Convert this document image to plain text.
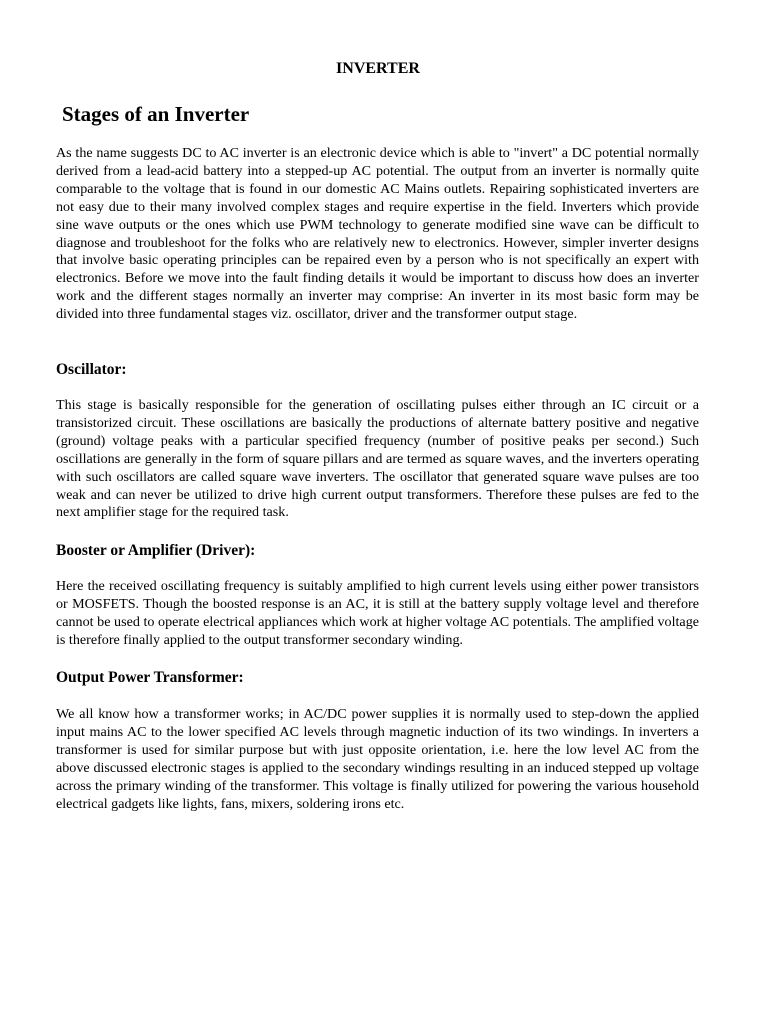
INVERTER
Stages of an Inverter

As the name suggests DC to AC inverter is an electronic device which is able to "invert" a DC potential normally derived from a lead-acid battery into a stepped-up AC potential. The output from an inverter is normally quite comparable to the voltage that is found in our domestic AC Mains outlets. Repairing sophisticated inverters are not easy due to their many involved complex stages and require expertise in the field. Inverters which provide sine wave outputs or the ones which use PWM technology to generate modified sine wave can be difficult to diagnose and troubleshoot for the folks who are relatively new to electronics. However, simpler inverter designs that involve basic operating principles can be repaired even by a person who is not specifically an expert with electronics. Before we move into the fault finding details it would be important to discuss how does an inverter work and the different stages normally an inverter may comprise: An inverter in its most basic form may be divided into three fundamental stages viz. oscillator, driver and the transformer output stage.

Oscillator:

This stage is basically responsible for the generation of oscillating pulses either through an IC circuit or a transistorized circuit. These oscillations are basically the productions of alternate battery positive and negative (ground) voltage peaks with a particular specified frequency (number of positive peaks per second.) Such oscillations are generally in the form of square pillars and are termed as square waves, and the inverters operating with such oscillators are called square wave inverters. The oscillator that generated square wave pulses are too weak and can never be utilized to drive high current output transformers. Therefore these pulses are fed to the next amplifier stage for the required task.

Booster or Amplifier (Driver):

Here the received oscillating frequency is suitably amplified to high current levels using either power transistors or MOSFETS. Though the boosted response is an AC, it is still at the battery supply voltage level and therefore cannot be used to operate electrical appliances which work at higher voltage AC potentials. The amplified voltage is therefore finally applied to the output transformer secondary winding.

Output Power Transformer:

We all know how a transformer works; in AC/DC power supplies it is normally used to step-down the applied input mains AC to the lower specified AC levels through magnetic induction of its two windings. In inverters a transformer is used for similar purpose but with just opposite orientation, i.e. here the low level AC from the above discussed electronic stages is applied to the secondary windings resulting in an induced stepped up voltage across the primary winding of the transformer. This voltage is finally utilized for powering the various household electrical gadgets like lights, fans, mixers, soldering irons etc.
